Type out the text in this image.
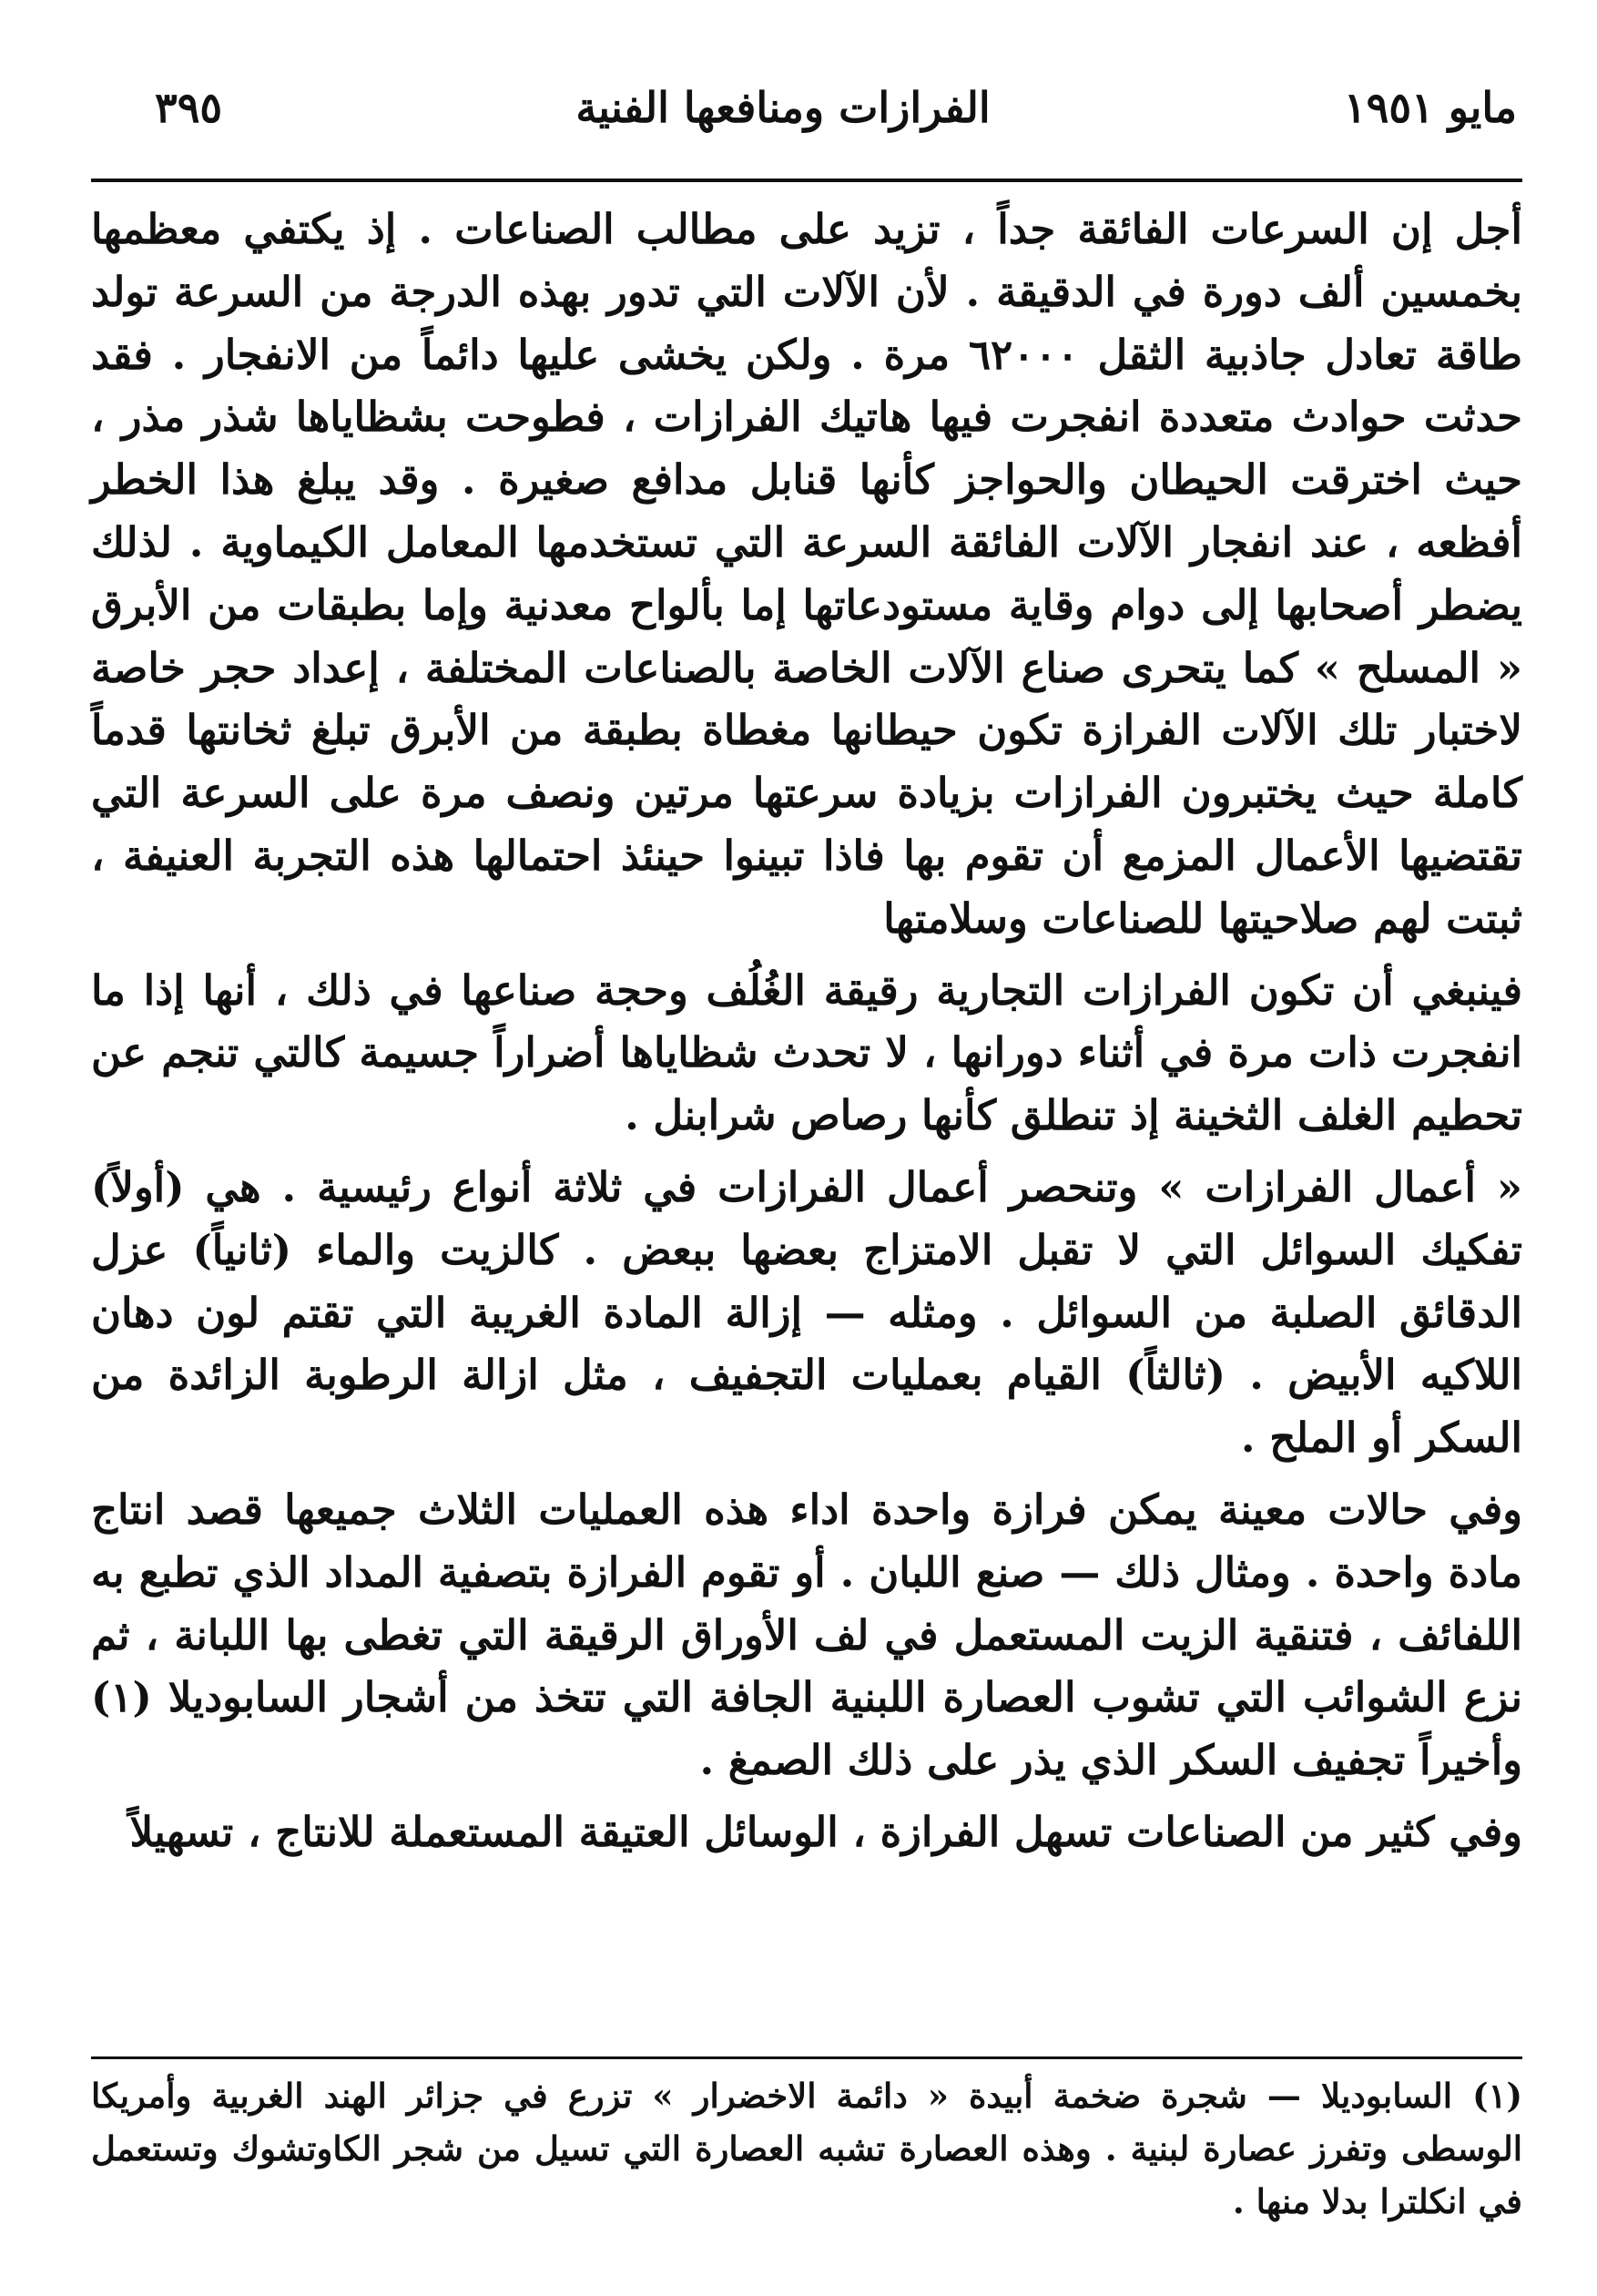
مايو ١٩٥١
الفرازات ومنافعها الفنية
٣٩٥

أجل إن السرعات الفائقة جداً ، تزيد على مطالب الصناعات . إذ يكتفي معظمها بخمسين ألف دورة في الدقيقة . لأن الآلات التي تدور بهذه الدرجة من السرعة تولد طاقة تعادل جاذبية الثقل ٦٢٠٠٠ مرة . ولكن يخشى عليها دائماً من الانفجار . فقد حدثت حوادث متعددة انفجرت فيها هاتيك الفرازات ، فطوحت بشظاياها شذر مذر ، حيث اخترقت الحيطان والحواجز كأنها قنابل مدافع صغيرة . وقد يبلغ هذا الخطر أفظعه ، عند انفجار الآلات الفائقة السرعة التي تستخدمها المعامل الكيماوية . لذلك يضطر أصحابها إلى دوام وقاية مستودعاتها إما بألواح معدنية وإما بطبقات من الأبرق « المسلح » كما يتحرى صناع الآلات الخاصة بالصناعات المختلفة ، إعداد حجر خاصة لاختبار تلك الآلات الفرازة تكون حيطانها مغطاة بطبقة من الأبرق تبلغ ثخانتها قدماً كاملة حيث يختبرون الفرازات بزيادة سرعتها مرتين ونصف مرة على السرعة التي تقتضيها الأعمال المزمع أن تقوم بها فاذا تبينوا حينئذ احتمالها هذه التجربة العنيفة ، ثبتت لهم صلاحيتها للصناعات وسلامتها

فينبغي أن تكون الفرازات التجارية رقيقة الغُلُف وحجة صناعها في ذلك ، أنها إذا ما انفجرت ذات مرة في أثناء دورانها ، لا تحدث شظاياها أضراراً جسيمة كالتي تنجم عن تحطيم الغلف الثخينة إذ تنطلق كأنها رصاص شرابنل .

« أعمال الفرازات » وتنحصر أعمال الفرازات في ثلاثة أنواع رئيسية . هي (أولاً) تفكيك السوائل التي لا تقبل الامتزاج بعضها ببعض . كالزيت والماء (ثانياً) عزل الدقائق الصلبة من السوائل . ومثله — إزالة المادة الغريبة التي تقتم لون دهان اللاكيه الأبيض . (ثالثاً) القيام بعمليات التجفيف ، مثل ازالة الرطوبة الزائدة من السكر أو الملح .

وفي حالات معينة يمكن فرازة واحدة اداء هذه العمليات الثلاث جميعها قصد انتاج مادة واحدة . ومثال ذلك — صنع اللبان . أو تقوم الفرازة بتصفية المداد الذي تطبع به اللفائف ، فتنقية الزيت المستعمل في لف الأوراق الرقيقة التي تغطى بها اللبانة ، ثم نزع الشوائب التي تشوب العصارة اللبنية الجافة التي تتخذ من أشجار السابوديلا (١) وأخيراً تجفيف السكر الذي يذر على ذلك الصمغ .

وفي كثير من الصناعات تسهل الفرازة ، الوسائل العتيقة المستعملة للانتاج ، تسهيلاً

(١) السابوديلا — شجرة ضخمة أبيدة « دائمة الاخضرار » تزرع في جزائر الهند الغربية وأمريكا الوسطى وتفرز عصارة لبنية . وهذه العصارة تشبه العصارة التي تسيل من شجر الكاوتشوك وتستعمل في انكلترا بدلا منها .
